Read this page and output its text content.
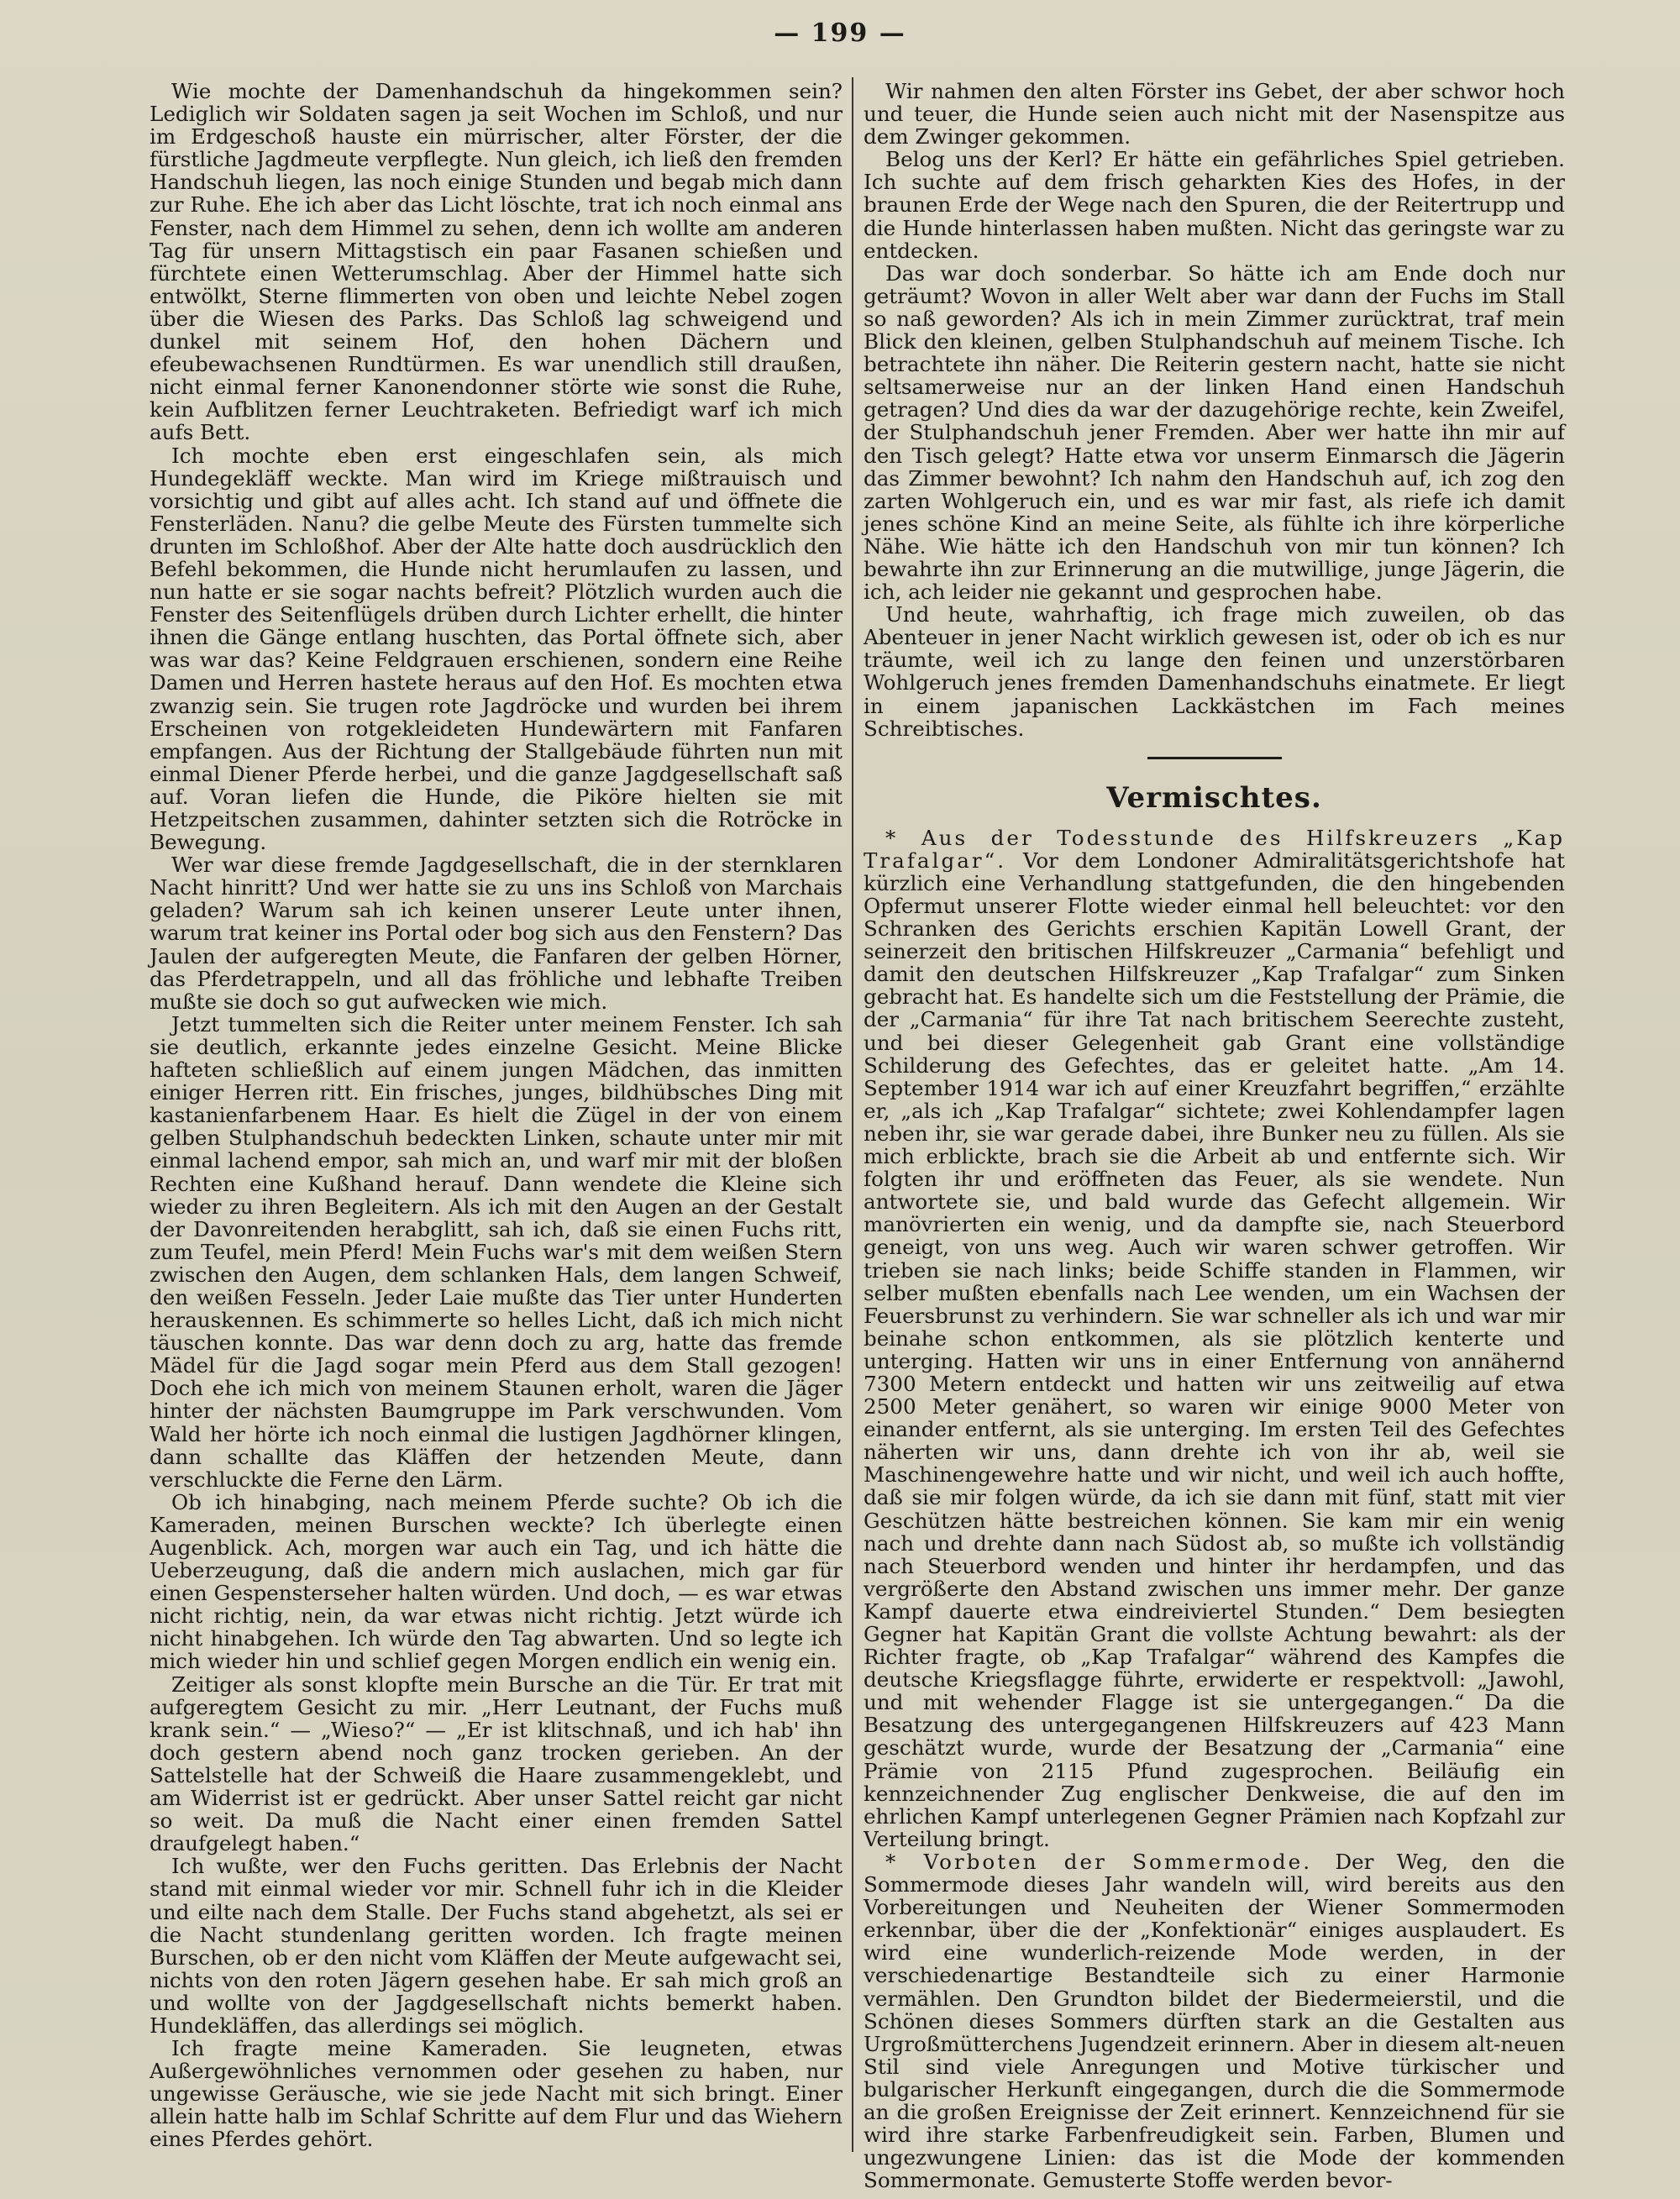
— 199 —

Wie mochte der Damenhandschuh da hingekommen sein? Lediglich wir Soldaten sagen ja seit Wochen im Schloß, und nur im Erdgeschoß hauste ein mürrischer, alter Förster, der die fürstliche Jagdmeute verpflegte. Nun gleich, ich ließ den fremden Handschuh liegen, las noch einige Stunden und begab mich dann zur Ruhe. Ehe ich aber das Licht löschte, trat ich noch einmal ans Fenster, nach dem Himmel zu sehen, denn ich wollte am anderen Tag für unsern Mittagstisch ein paar Fasanen schießen und fürchtete einen Wetterumschlag. Aber der Himmel hatte sich entwölkt, Sterne flimmerten von oben und leichte Nebel zogen über die Wiesen des Parks. Das Schloß lag schweigend und dunkel mit seinem Hof, den hohen Dächern und efeubewachsenen Rundtürmen. Es war unendlich still draußen, nicht einmal ferner Kanonendonner störte wie sonst die Ruhe, kein Aufblitzen ferner Leuchtraketen. Befriedigt warf ich mich aufs Bett.

Ich mochte eben erst eingeschlafen sein, als mich Hundegekläff weckte. Man wird im Kriege mißtrauisch und vorsichtig und gibt auf alles acht. Ich stand auf und öffnete die Fensterläden. Nanu? die gelbe Meute des Fürsten tummelte sich drunten im Schloßhof. Aber der Alte hatte doch ausdrücklich den Befehl bekommen, die Hunde nicht herumlaufen zu lassen, und nun hatte er sie sogar nachts befreit? Plötzlich wurden auch die Fenster des Seitenflügels drüben durch Lichter erhellt, die hinter ihnen die Gänge entlang huschten, das Portal öffnete sich, aber was war das? Keine Feldgrauen erschienen, sondern eine Reihe Damen und Herren hastete heraus auf den Hof. Es mochten etwa zwanzig sein. Sie trugen rote Jagdröcke und wurden bei ihrem Erscheinen von rotgekleideten Hundewärtern mit Fanfaren empfangen. Aus der Richtung der Stallgebäude führten nun mit einmal Diener Pferde herbei, und die ganze Jagdgesellschaft saß auf. Voran liefen die Hunde, die Piköre hielten sie mit Hetzpeitschen zusammen, dahinter setzten sich die Rotröcke in Bewegung.

Wer war diese fremde Jagdgesellschaft, die in der sternklaren Nacht hinritt? Und wer hatte sie zu uns ins Schloß von Marchais geladen? Warum sah ich keinen unserer Leute unter ihnen, warum trat keiner ins Portal oder bog sich aus den Fenstern? Das Jaulen der aufgeregten Meute, die Fanfaren der gelben Hörner, das Pferdetrappeln, und all das fröhliche und lebhafte Treiben mußte sie doch so gut aufwecken wie mich.

Jetzt tummelten sich die Reiter unter meinem Fenster. Ich sah sie deutlich, erkannte jedes einzelne Gesicht. Meine Blicke hafteten schließlich auf einem jungen Mädchen, das inmitten einiger Herren ritt. Ein frisches, junges, bildhübsches Ding mit kastanienfarbenem Haar. Es hielt die Zügel in der von einem gelben Stulphandschuh bedeckten Linken, schaute unter mir mit einmal lachend empor, sah mich an, und warf mir mit der bloßen Rechten eine Kußhand herauf. Dann wendete die Kleine sich wieder zu ihren Begleitern. Als ich mit den Augen an der Gestalt der Davonreitenden herabglitt, sah ich, daß sie einen Fuchs ritt, zum Teufel, mein Pferd! Mein Fuchs war's mit dem weißen Stern zwischen den Augen, dem schlanken Hals, dem langen Schweif, den weißen Fesseln. Jeder Laie mußte das Tier unter Hunderten herauskennen. Es schimmerte so helles Licht, daß ich mich nicht täuschen konnte. Das war denn doch zu arg, hatte das fremde Mädel für die Jagd sogar mein Pferd aus dem Stall gezogen! Doch ehe ich mich von meinem Staunen erholt, waren die Jäger hinter der nächsten Baumgruppe im Park verschwunden. Vom Wald her hörte ich noch einmal die lustigen Jagdhörner klingen, dann schallte das Kläffen der hetzenden Meute, dann verschluckte die Ferne den Lärm.

Ob ich hinabging, nach meinem Pferde suchte? Ob ich die Kameraden, meinen Burschen weckte? Ich überlegte einen Augenblick. Ach, morgen war auch ein Tag, und ich hätte die Ueberzeugung, daß die andern mich auslachen, mich gar für einen Gespensterseher halten würden. Und doch, — es war etwas nicht richtig, nein, da war etwas nicht richtig. Jetzt würde ich nicht hinabgehen. Ich würde den Tag abwarten. Und so legte ich mich wieder hin und schlief gegen Morgen endlich ein wenig ein.

Zeitiger als sonst klopfte mein Bursche an die Tür. Er trat mit aufgeregtem Gesicht zu mir. „Herr Leutnant, der Fuchs muß krank sein.“ — „Wieso?“ — „Er ist klitschnaß, und ich hab' ihn doch gestern abend noch ganz trocken gerieben. An der Sattelstelle hat der Schweiß die Haare zusammengeklebt, und am Widerrist ist er gedrückt. Aber unser Sattel reicht gar nicht so weit. Da muß die Nacht einer einen fremden Sattel draufgelegt haben.“

Ich wußte, wer den Fuchs geritten. Das Erlebnis der Nacht stand mit einmal wieder vor mir. Schnell fuhr ich in die Kleider und eilte nach dem Stalle. Der Fuchs stand abgehetzt, als sei er die Nacht stundenlang geritten worden. Ich fragte meinen Burschen, ob er den nicht vom Kläffen der Meute aufgewacht sei, nichts von den roten Jägern gesehen habe. Er sah mich groß an und wollte von der Jagdgesellschaft nichts bemerkt haben. Hundekläffen, das allerdings sei möglich.

Ich fragte meine Kameraden. Sie leugneten, etwas Außergewöhnliches vernommen oder gesehen zu haben, nur ungewisse Geräusche, wie sie jede Nacht mit sich bringt. Einer allein hatte halb im Schlaf Schritte auf dem Flur und das Wiehern eines Pferdes gehört.

Wir nahmen den alten Förster ins Gebet, der aber schwor hoch und teuer, die Hunde seien auch nicht mit der Nasenspitze aus dem Zwinger gekommen.

Belog uns der Kerl? Er hätte ein gefährliches Spiel getrieben. Ich suchte auf dem frisch geharkten Kies des Hofes, in der braunen Erde der Wege nach den Spuren, die der Reitertrupp und die Hunde hinterlassen haben mußten. Nicht das geringste war zu entdecken.

Das war doch sonderbar. So hätte ich am Ende doch nur geträumt? Wovon in aller Welt aber war dann der Fuchs im Stall so naß geworden? Als ich in mein Zimmer zurücktrat, traf mein Blick den kleinen, gelben Stulphandschuh auf meinem Tische. Ich betrachtete ihn näher. Die Reiterin gestern nacht, hatte sie nicht seltsamerweise nur an der linken Hand einen Handschuh getragen? Und dies da war der dazugehörige rechte, kein Zweifel, der Stulphandschuh jener Fremden. Aber wer hatte ihn mir auf den Tisch gelegt? Hatte etwa vor unserm Einmarsch die Jägerin das Zimmer bewohnt? Ich nahm den Handschuh auf, ich zog den zarten Wohlgeruch ein, und es war mir fast, als riefe ich damit jenes schöne Kind an meine Seite, als fühlte ich ihre körperliche Nähe. Wie hätte ich den Handschuh von mir tun können? Ich bewahrte ihn zur Erinnerung an die mutwillige, junge Jägerin, die ich, ach leider nie gekannt und gesprochen habe.

Und heute, wahrhaftig, ich frage mich zuweilen, ob das Abenteuer in jener Nacht wirklich gewesen ist, oder ob ich es nur träumte, weil ich zu lange den feinen und unzerstörbaren Wohlgeruch jenes fremden Damenhandschuhs einatmete. Er liegt in einem japanischen Lackkästchen im Fach meines Schreibtisches.

Vermischtes.

* Aus der Todesstunde des Hilfskreuzers „Kap Trafalgar“. Vor dem Londoner Admiralitätsgerichtshofe hat kürzlich eine Verhandlung stattgefunden, die den hingebenden Opfermut unserer Flotte wieder einmal hell beleuchtet: vor den Schranken des Gerichts erschien Kapitän Lowell Grant, der seinerzeit den britischen Hilfskreuzer „Carmania“ befehligt und damit den deutschen Hilfskreuzer „Kap Trafalgar“ zum Sinken gebracht hat. Es handelte sich um die Feststellung der Prämie, die der „Carmania“ für ihre Tat nach britischem Seerechte zusteht, und bei dieser Gelegenheit gab Grant eine vollständige Schilderung des Gefechtes, das er geleitet hatte. „Am 14. September 1914 war ich auf einer Kreuzfahrt begriffen,“ erzählte er, „als ich „Kap Trafalgar“ sichtete; zwei Kohlendampfer lagen neben ihr, sie war gerade dabei, ihre Bunker neu zu füllen. Als sie mich erblickte, brach sie die Arbeit ab und entfernte sich. Wir folgten ihr und eröffneten das Feuer, als sie wendete. Nun antwortete sie, und bald wurde das Gefecht allgemein. Wir manövrierten ein wenig, und da dampfte sie, nach Steuerbord geneigt, von uns weg. Auch wir waren schwer getroffen. Wir trieben sie nach links; beide Schiffe standen in Flammen, wir selber mußten ebenfalls nach Lee wenden, um ein Wachsen der Feuersbrunst zu verhindern. Sie war schneller als ich und war mir beinahe schon entkommen, als sie plötzlich kenterte und unterging. Hatten wir uns in einer Entfernung von annähernd 7300 Metern entdeckt und hatten wir uns zeitweilig auf etwa 2500 Meter genähert, so waren wir einige 9000 Meter von einander entfernt, als sie unterging. Im ersten Teil des Gefechtes näherten wir uns, dann drehte ich von ihr ab, weil sie Maschinengewehre hatte und wir nicht, und weil ich auch hoffte, daß sie mir folgen würde, da ich sie dann mit fünf, statt mit vier Geschützen hätte bestreichen können. Sie kam mir ein wenig nach und drehte dann nach Südost ab, so mußte ich vollständig nach Steuerbord wenden und hinter ihr herdampfen, und das vergrößerte den Abstand zwischen uns immer mehr. Der ganze Kampf dauerte etwa eindreiviertel Stunden.“ Dem besiegten Gegner hat Kapitän Grant die vollste Achtung bewahrt: als der Richter fragte, ob „Kap Trafalgar“ während des Kampfes die deutsche Kriegsflagge führte, erwiderte er respektvoll: „Jawohl, und mit wehender Flagge ist sie untergegangen.“ Da die Besatzung des untergegangenen Hilfskreuzers auf 423 Mann geschätzt wurde, wurde der Besatzung der „Carmania“ eine Prämie von 2115 Pfund zugesprochen. Beiläufig ein kennzeichnender Zug englischer Denkweise, die auf den im ehrlichen Kampf unterlegenen Gegner Prämien nach Kopfzahl zur Verteilung bringt.

* Vorboten der Sommermode. Der Weg, den die Sommermode dieses Jahr wandeln will, wird bereits aus den Vorbereitungen und Neuheiten der Wiener Sommermoden erkennbar, über die der „Konfektionär“ einiges ausplaudert. Es wird eine wunderlich-reizende Mode werden, in der verschiedenartige Bestandteile sich zu einer Harmonie vermählen. Den Grundton bildet der Biedermeierstil, und die Schönen dieses Sommers dürften stark an die Gestalten aus Urgroßmütterchens Jugendzeit erinnern. Aber in diesem alt-neuen Stil sind viele Anregungen und Motive türkischer und bulgarischer Herkunft eingegangen, durch die die Sommermode an die großen Ereignisse der Zeit erinnert. Kennzeichnend für sie wird ihre starke Farbenfreudigkeit sein. Farben, Blumen und ungezwungene Linien: das ist die Mode der kommenden Sommermonate. Gemusterte Stoffe werden bevor-
